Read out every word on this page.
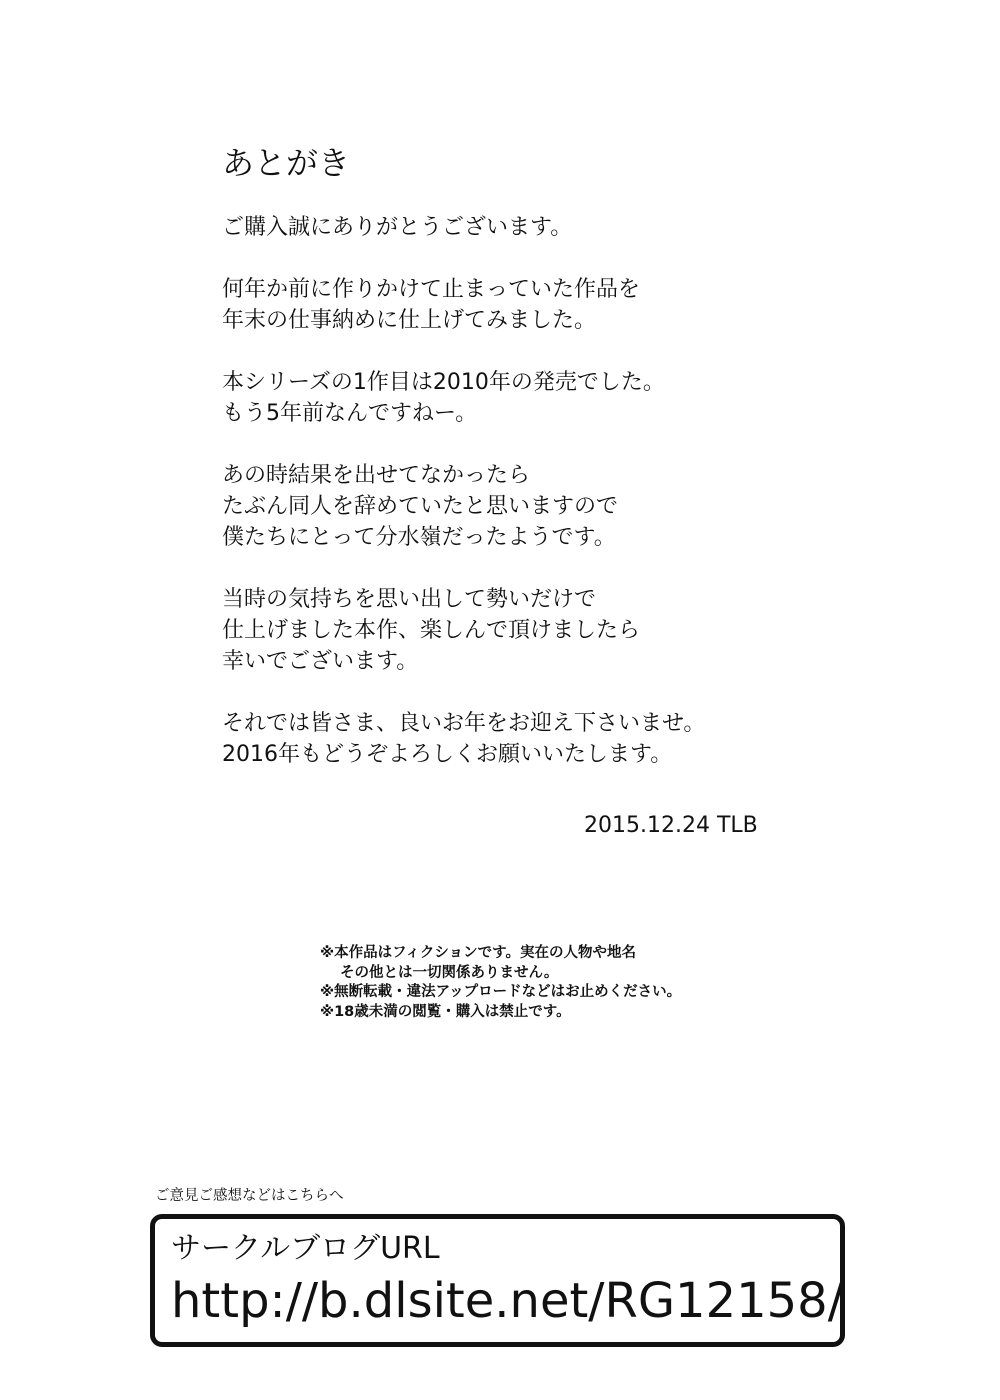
あとがき

ご購入誠にありがとうございます。

何年か前に作りかけて止まっていた作品を
年末の仕事納めに仕上げてみました。

本シリーズの1作目は2010年の発売でした。
もう5年前なんですねー。

あの時結果を出せてなかったら
たぶん同人を辞めていたと思いますので
僕たちにとって分水嶺だったようです。

当時の気持ちを思い出して勢いだけで
仕上げました本作、楽しんで頂けましたら
幸いでございます。

それでは皆さま、良いお年をお迎え下さいませ。
2016年もどうぞよろしくお願いいたします。

2015.12.24 TLB
※本作品はフィクションです。実在の人物や地名
その他とは一切関係ありません。
※無断転載・違法アップロードなどはお止めください。
※18歳未満の閲覧・購入は禁止です。
ご意見ご感想などはこちらへ
サークルブログURL
http://b.dlsite.net/RG12158/
